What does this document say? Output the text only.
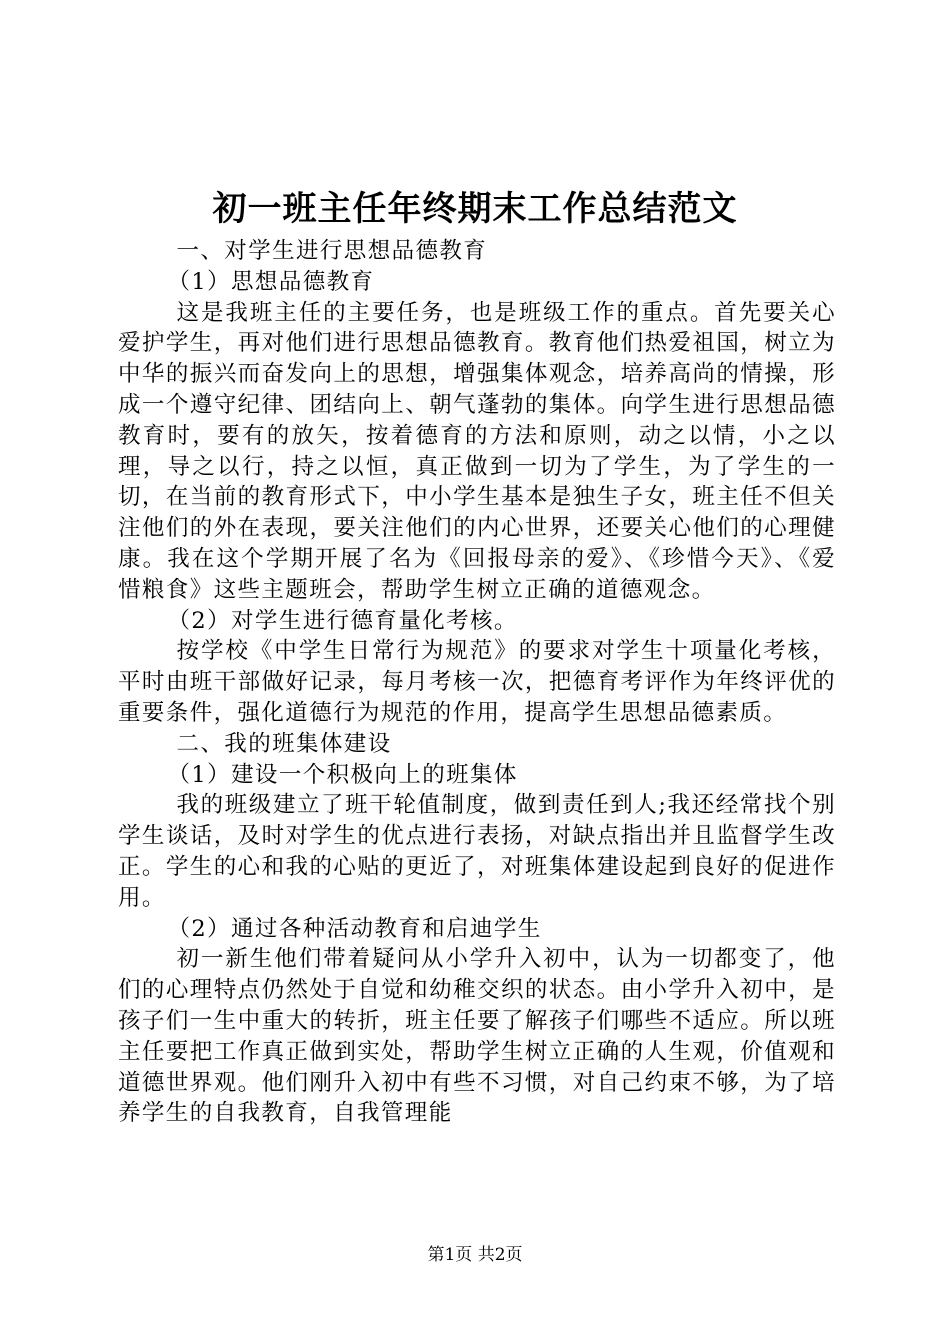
初一班主任年终期末工作总结范文

一、对学生进行思想品德教育

（1）思想品德教育

这是我班主任的主要任务，也是班级工作的重点。首先要关心爱护学生，再对他们进行思想品德教育。教育他们热爱祖国，树立为中华的振兴而奋发向上的思想，增强集体观念，培养高尚的情操，形成一个遵守纪律、团结向上、朝气蓬勃的集体。向学生进行思想品德教育时，要有的放矢，按着德育的方法和原则，动之以情，小之以理，导之以行，持之以恒，真正做到一切为了学生，为了学生的一切，在当前的教育形式下，中小学生基本是独生子女，班主任不但关注他们的外在表现，要关注他们的内心世界，还要关心他们的心理健康。我在这个学期开展了名为《回报母亲的爱》、《珍惜今天》、《爱惜粮食》这些主题班会，帮助学生树立正确的道德观念。

（2）对学生进行德育量化考核。

按学校《中学生日常行为规范》的要求对学生十项量化考核，平时由班干部做好记录，每月考核一次，把德育考评作为年终评优的重要条件，强化道德行为规范的作用，提高学生思想品德素质。

二、我的班集体建设

（1）建设一个积极向上的班集体

我的班级建立了班干轮值制度，做到责任到人;我还经常找个别学生谈话，及时对学生的优点进行表扬，对缺点指出并且监督学生改正。学生的心和我的心贴的更近了，对班集体建设起到良好的促进作用。

（2）通过各种活动教育和启迪学生

初一新生他们带着疑问从小学升入初中，认为一切都变了，他们的心理特点仍然处于自觉和幼稚交织的状态。由小学升入初中，是孩子们一生中重大的转折，班主任要了解孩子们哪些不适应。所以班主任要把工作真正做到实处，帮助学生树立正确的人生观，价值观和道德世界观。他们刚升入初中有些不习惯，对自己约束不够，为了培养学生的自我教育，自我管理能

第1页 共2页
